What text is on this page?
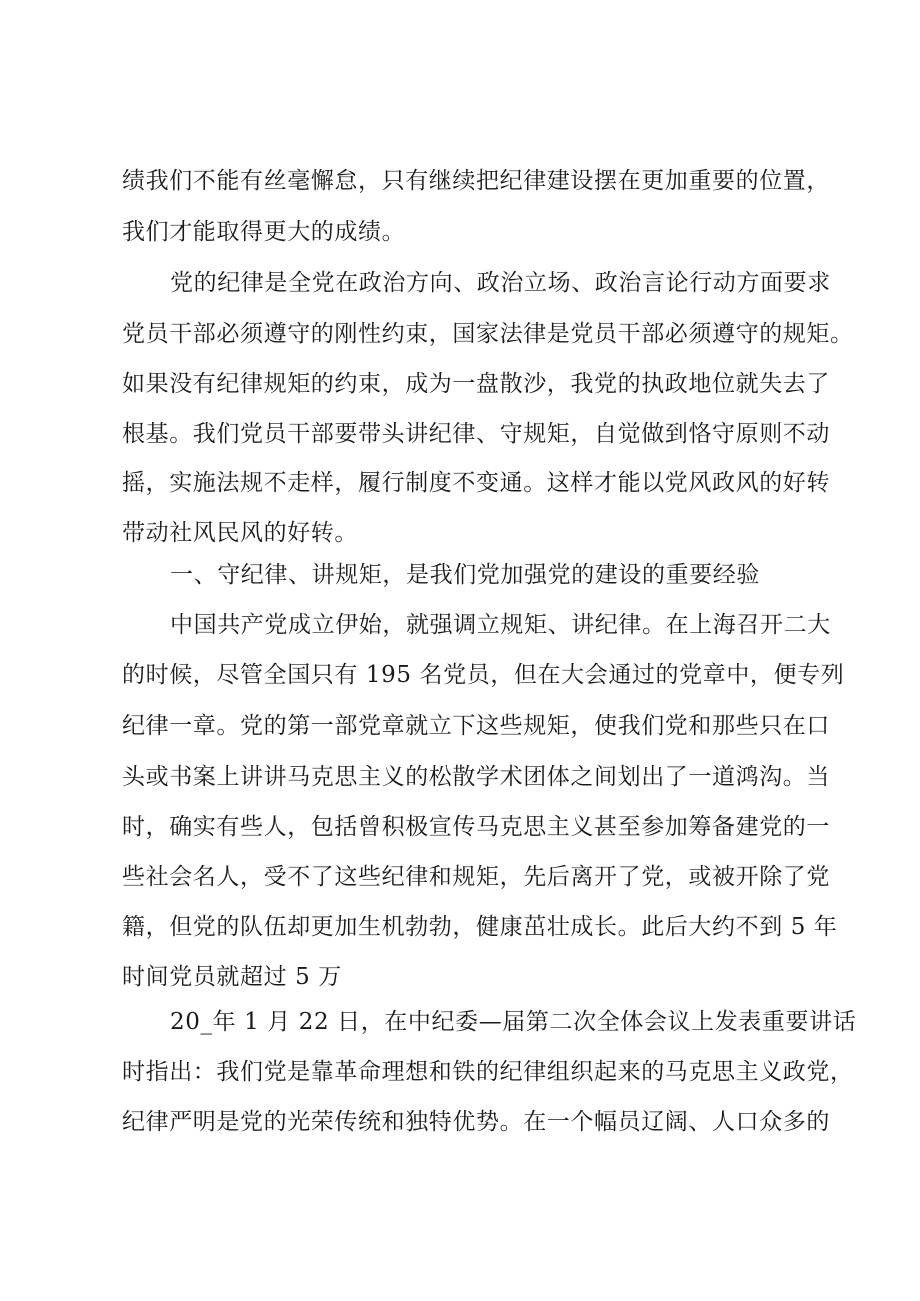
绩我们不能有丝毫懈怠，只有继续把纪律建设摆在更加重要的位置，
我们才能取得更大的成绩。
党的纪律是全党在政治方向、政治立场、政治言论行动方面要求
党员干部必须遵守的刚性约束，国家法律是党员干部必须遵守的规矩。
如果没有纪律规矩的约束，成为一盘散沙，我党的执政地位就失去了
根基。我们党员干部要带头讲纪律、守规矩，自觉做到恪守原则不动
摇，实施法规不走样，履行制度不变通。这样才能以党风政风的好转
带动社风民风的好转。
一、守纪律、讲规矩，是我们党加强党的建设的重要经验
中国共产党成立伊始，就强调立规矩、讲纪律。在上海召开二大
的时候，尽管全国只有 195 名党员，但在大会通过的党章中，便专列
纪律一章。党的第一部党章就立下这些规矩，使我们党和那些只在口
头或书案上讲讲马克思主义的松散学术团体之间划出了一道鸿沟。当
时，确实有些人，包括曾积极宣传马克思主义甚至参加筹备建党的一
些社会名人，受不了这些纪律和规矩，先后离开了党，或被开除了党
籍，但党的队伍却更加生机勃勃，健康茁壮成长。此后大约不到 5 年
时间党员就超过 5 万
20_年 1 月 22 日，在中纪委—届第二次全体会议上发表重要讲话
时指出：我们党是靠革命理想和铁的纪律组织起来的马克思主义政党，
纪律严明是党的光荣传统和独特优势。在一个幅员辽阔、人口众多的
